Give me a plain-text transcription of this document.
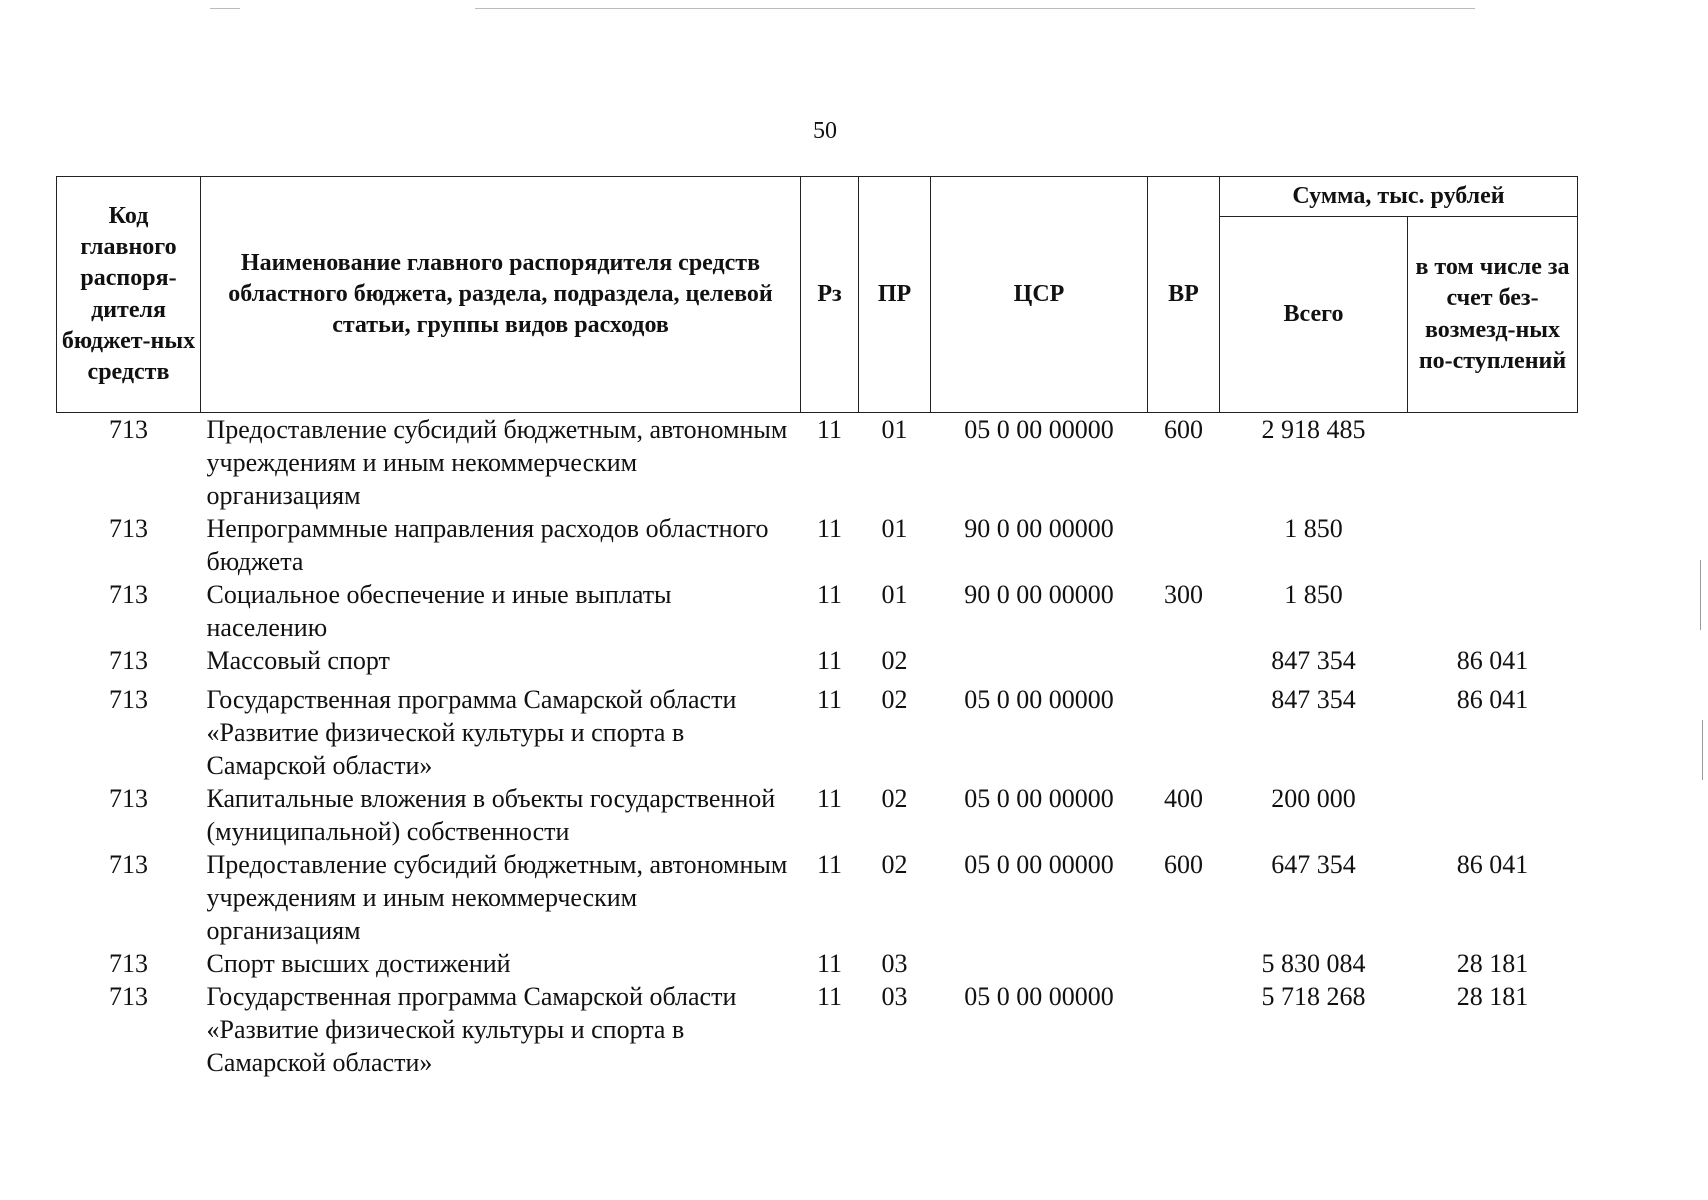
50
Код главного распоря-дителя бюджет-ных средств	Наименование главного распорядителя средств областного бюджета, раздела, подраздела, целевой статьи, группы видов расходов	Рз	ПР	ЦСР	ВР	Сумма, тыс. рублей	
						Всего	в том числе за счет без-возмезд-ных по-ступлений
713	Предоставление субсидий бюджетным, автономным учреждениям и иным некоммерческим организациям	11	01	05 0 00 00000	600	2 918 485	
713	Непрограммные направления расходов областного бюджета	11	01	90 0 00 00000		1 850	
713	Социальное обеспечение и иные выплаты населению	11	01	90 0 00 00000	300	1 850	
713	Массовый спорт	11	02			847 354	86 041
713	Государственная программа Самарской области «Развитие физической культуры и спорта в Самарской области»	11	02	05 0 00 00000		847 354	86 041
713	Капитальные вложения в объекты государственной (муниципальной) собственности	11	02	05 0 00 00000	400	200 000	
713	Предоставление субсидий бюджетным, автономным учреждениям и иным некоммерческим организациям	11	02	05 0 00 00000	600	647 354	86 041
713	Спорт высших достижений	11	03			5 830 084	28 181
713	Государственная программа Самарской области «Развитие физической культуры и спорта в Самарской области»	11	03	05 0 00 00000		5 718 268	28 181
